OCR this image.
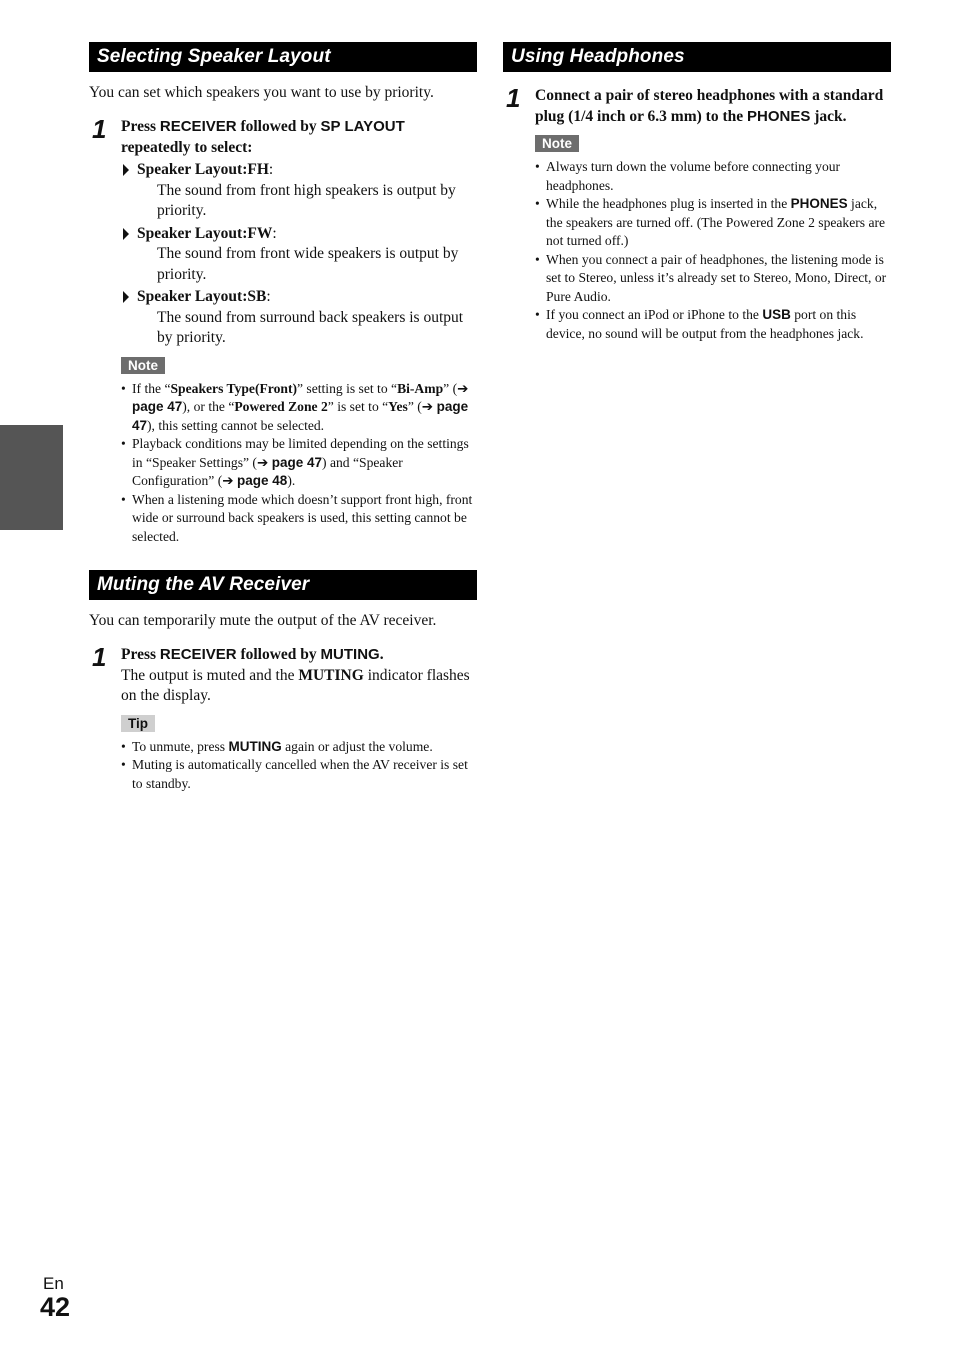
Selecting Speaker Layout

You can set which speakers you want to use by priority.

1 Press RECEIVER followed by SP LAYOUT repeatedly to select:
Speaker Layout:FH:
The sound from front high speakers is output by priority.
Speaker Layout:FW:
The sound from front wide speakers is output by priority.
Speaker Layout:SB:
The sound from surround back speakers is output by priority.
Note
• If the “Speakers Type(Front)” setting is set to “Bi-Amp” (➔ page 47), or the “Powered Zone 2” is set to “Yes” (➔ page 47), this setting cannot be selected.
• Playback conditions may be limited depending on the settings in “Speaker Settings” (➔ page 47) and “Speaker Configuration” (➔ page 48).
• When a listening mode which doesn’t support front high, front wide or surround back speakers is used, this setting cannot be selected.
Muting the AV Receiver

You can temporarily mute the output of the AV receiver.

1 Press RECEIVER followed by MUTING.
The output is muted and the MUTING indicator flashes on the display.
Tip
• To unmute, press MUTING again or adjust the volume.
• Muting is automatically cancelled when the AV receiver is set to standby.
Using Headphones
1 Connect a pair of stereo headphones with a standard plug (1/4 inch or 6.3 mm) to the PHONES jack.
Note
• Always turn down the volume before connecting your headphones.
• While the headphones plug is inserted in the PHONES jack, the speakers are turned off. (The Powered Zone 2 speakers are not turned off.)
• When you connect a pair of headphones, the listening mode is set to Stereo, unless it’s already set to Stereo, Mono, Direct, or Pure Audio.
• If you connect an iPod or iPhone to the USB port on this device, no sound will be output from the headphones jack.
En
42
